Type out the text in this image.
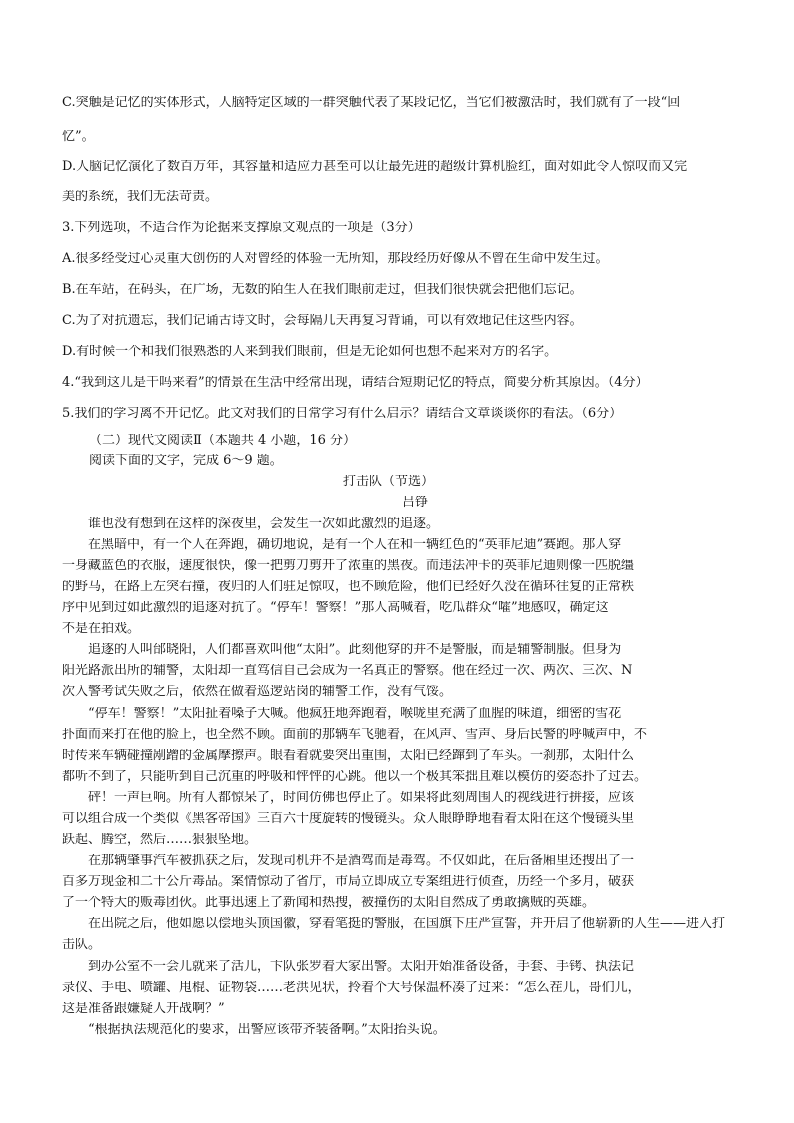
C.突触是记忆的实体形式，人脑特定区域的一群突触代表了某段记忆，当它们被激活时，我们就有了一段“回
忆”。
D.人脑记忆演化了数百万年，其容量和适应力甚至可以让最先进的超级计算机脸红，面对如此令人惊叹而又完
美的系统，我们无法苛责。
3.下列选项，不适合作为论据来支撑原文观点的一项是（3分）
A.很多经受过心灵重大创伤的人对曾经的体验一无所知，那段经历好像从不曾在生命中发生过。
B.在车站，在码头，在广场，无数的陌生人在我们眼前走过，但我们很快就会把他们忘记。
C.为了对抗遗忘，我们记诵古诗文时，会每隔几天再复习背诵，可以有效地记住这些内容。
D.有时候一个和我们很熟悉的人来到我们眼前，但是无论如何也想不起来对方的名字。
4.“我到这儿是干吗来着”的情景在生活中经常出现，请结合短期记忆的特点，简要分析其原因。（4分）
5.我们的学习离不开记忆。此文对我们的日常学习有什么启示？请结合文章谈谈你的看法。（6分）
（二）现代文阅读Ⅱ（本题共 4 小题，16 分）
阅读下面的文字，完成 6～9 题。
打击队（节选）
吕铮
　　谁也没有想到在这样的深夜里，会发生一次如此激烈的追逐。
　　在黑暗中，有一个人在奔跑，确切地说，是有一个人在和一辆红色的“英菲尼迪”赛跑。那人穿
一身藏蓝色的衣服，速度很快，像一把剪刀剪开了浓重的黑夜。而违法冲卡的英菲尼迪则像一匹脱缰
的野马，在路上左突右撞，夜归的人们驻足惊叹，也不顾危险，他们已经好久没在循环往复的正常秩
序中见到过如此激烈的追逐对抗了。“停车！警察！”那人高喊着，吃瓜群众“嚯”地感叹，确定这
不是在拍戏。
　　追逐的人叫邰晓阳，人们都喜欢叫他“太阳”。此刻他穿的并不是警服，而是辅警制服。但身为
阳光路派出所的辅警，太阳却一直笃信自己会成为一名真正的警察。他在经过一次、两次、三次、N
次入警考试失败之后，依然在做着巡逻站岗的辅警工作，没有气馁。
　　“停车！警察！”太阳扯着嗓子大喊。他疯狂地奔跑着，喉咙里充满了血腥的味道，细密的雪花
扑面而来打在他的脸上，也全然不顾。面前的那辆车飞驰着，在风声、雪声、身后民警的呼喊声中，不
时传来车辆碰撞剐蹭的金属摩擦声。眼看着就要突出重围，太阳已经蹿到了车头。一刹那，太阳什么
都听不到了，只能听到自己沉重的呼吸和怦怦的心跳。他以一个极其笨拙且难以模仿的姿态扑了过去。
　　砰！一声巨响。所有人都惊呆了，时间仿佛也停止了。如果将此刻周围人的视线进行拼接，应该
可以组合成一个类似《黑客帝国》三百六十度旋转的慢镜头。众人眼睁睁地看着太阳在这个慢镜头里
跃起、腾空，然后……狠狠坠地。
　　在那辆肇事汽车被抓获之后，发现司机并不是酒驾而是毒驾。不仅如此，在后备厢里还搜出了一
百多万现金和二十公斤毒品。案情惊动了省厅，市局立即成立专案组进行侦查，历经一个多月，破获
了一个特大的贩毒团伙。此事迅速上了新闻和热搜，被撞伤的太阳自然成了勇敢擒贼的英雄。
　　在出院之后，他如愿以偿地头顶国徽，穿着笔挺的警服，在国旗下庄严宣誓，并开启了他崭新的人生——进入打
击队。
　　到办公室不一会儿就来了活儿，卞队张罗着大家出警。太阳开始准备设备，手套、手铐、执法记
录仪、手电、喷罐、甩棍、证物袋……老洪见状，拎着个大号保温杯凑了过来：“怎么茬儿，哥们儿，
这是准备跟嫌疑人开战啊？”
　　“根据执法规范化的要求，出警应该带齐装备啊。”太阳抬头说。
